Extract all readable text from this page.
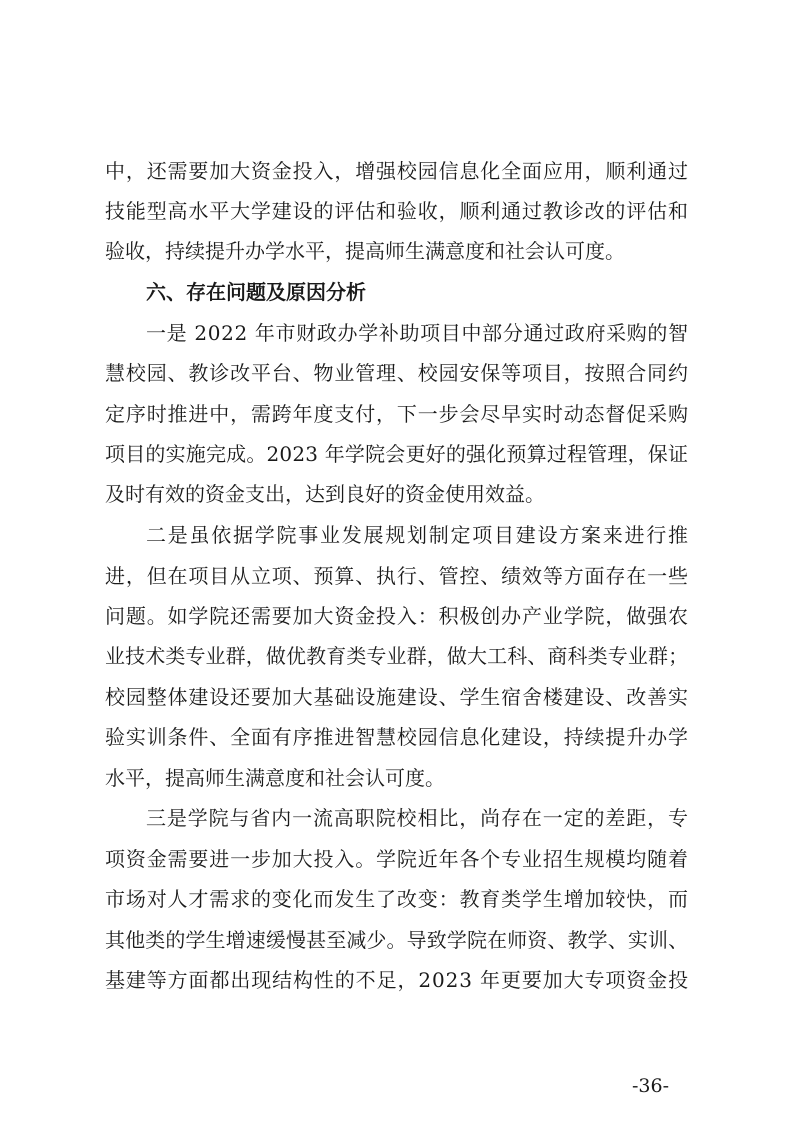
中，还需要加大资金投入，增强校园信息化全面应用，顺利通过

技能型高水平大学建设的评估和验收，顺利通过教诊改的评估和

验收，持续提升办学水平，提高师生满意度和社会认可度。

六、存在问题及原因分析

一是 2022 年市财政办学补助项目中部分通过政府采购的智

慧校园、教诊改平台、物业管理、校园安保等项目，按照合同约

定序时推进中，需跨年度支付，下一步会尽早实时动态督促采购

项目的实施完成。2023 年学院会更好的强化预算过程管理，保证

及时有效的资金支出，达到良好的资金使用效益。

二是虽依据学院事业发展规划制定项目建设方案来进行推

进，但在项目从立项、预算、执行、管控、绩效等方面存在一些

问题。如学院还需要加大资金投入：积极创办产业学院，做强农

业技术类专业群，做优教育类专业群，做大工科、商科类专业群；

校园整体建设还要加大基础设施建设、学生宿舍楼建设、改善实

验实训条件、全面有序推进智慧校园信息化建设，持续提升办学

水平，提高师生满意度和社会认可度。

三是学院与省内一流高职院校相比，尚存在一定的差距，专

项资金需要进一步加大投入。学院近年各个专业招生规模均随着

市场对人才需求的变化而发生了改变：教育类学生增加较快，而

其他类的学生增速缓慢甚至减少。导致学院在师资、教学、实训、

基建等方面都出现结构性的不足，2023 年更要加大专项资金投

-36-
